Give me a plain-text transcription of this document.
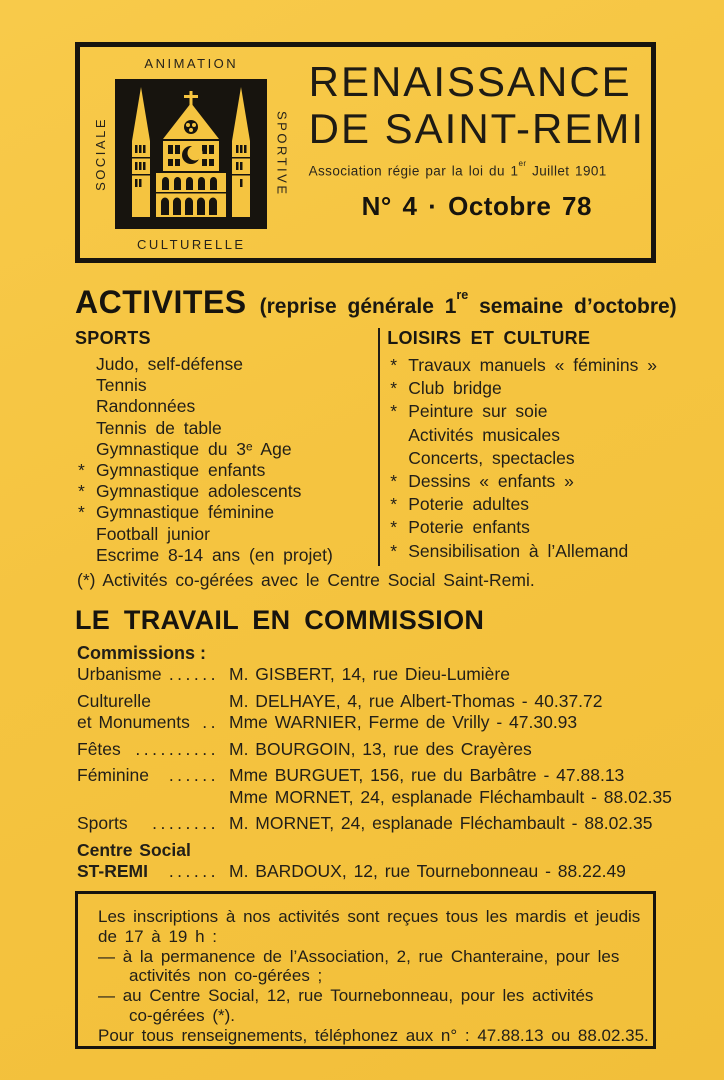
ANIMATION
SOCIALE	SPORTIVE
CULTURELLE
RENAISSANCE
DE SAINT-REMI
Association régie par la loi du 1er Juillet 1901
N° 4 · Octobre 78
ACTIVITES (reprise générale 1re semaine d’octobre)
SPORTS
Judo, self-défense
Tennis
Randonnées
Tennis de table
Gymnastique du 3ᵉ Age
* Gymnastique enfants
* Gymnastique adolescents
* Gymnastique féminine
Football junior
Escrime 8-14 ans (en projet)
LOISIRS ET CULTURE
* Travaux manuels « féminins »
* Club bridge
* Peinture sur soie
Activités musicales
Concerts, spectacles
* Dessins « enfants »
* Poterie adultes
* Poterie enfants
* Sensibilisation à l’Allemand
(*) Activités co-gérées avec le Centre Social Saint-Remi.
LE TRAVAIL EN COMMISSION
Commissions :
Urbanisme ...... M. GISBERT, 14, rue Dieu-Lumière
Culturelle	M. DELHAYE, 4, rue Albert-Thomas - 40.37.72
et Monuments .. Mme WARNIER, Ferme de Vrilly - 47.30.93
Fêtes .......... M. BOURGOIN, 13, rue des Crayères
Féminine ...... Mme BURGUET, 156, rue du Barbâtre - 47.88.13
Mme MORNET, 24, esplanade Fléchambault - 88.02.35
Sports ........ M. MORNET, 24, esplanade Fléchambault - 88.02.35
Centre Social
ST-REMI ...... M. BARDOUX, 12, rue Tournebonneau - 88.22.49
Les inscriptions à nos activités sont reçues tous les mardis et jeudis
de 17 à 19 h :
— à la permanence de l’Association, 2, rue Chanteraine, pour les
activités non co-gérées ;
— au Centre Social, 12, rue Tournebonneau, pour les activités
co-gérées (*).
Pour tous renseignements, téléphonez aux n° : 47.88.13 ou 88.02.35.
